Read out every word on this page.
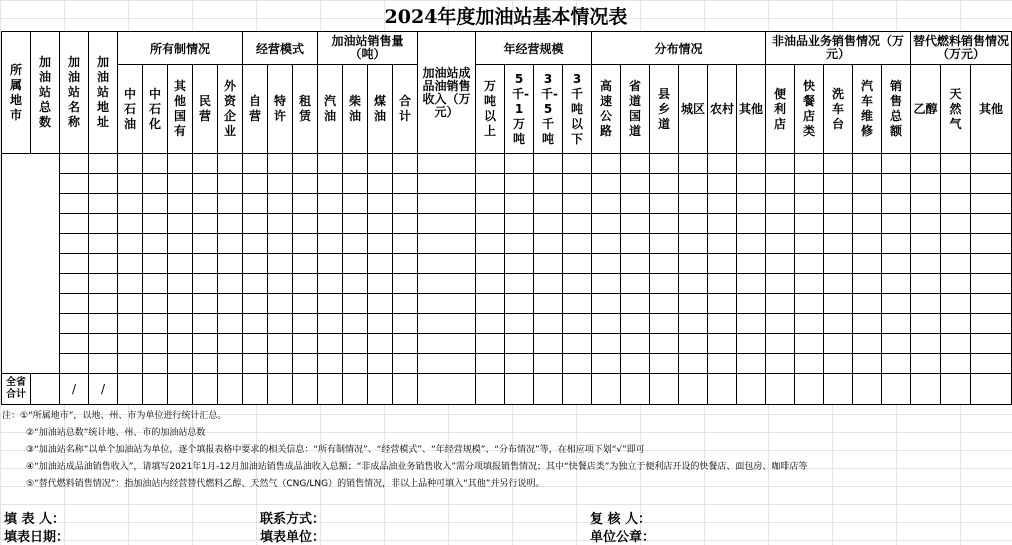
2024年度加油站基本情况表
所属地市	加油站总数	加油站名称	加油站地址	所有制情况					经营模式			加油站销售量（吨）				加油站成品油销售收入（万元）	年经营规模				分布情况						非油品业务销售情况（万元）					替代燃料销售情况（万元）		
				中石油	中石化	其他国有	民营	外资企业	自营	特许	租赁	汽油	柴油	煤油	合计		万吨以上	5千-1万吨	3千-5千吨	3千吨以下	高速公路	省道国道	县乡道	城区	农村	其他	便利店	快餐店类	洗车台	汽车维修	销售总额	乙醇	天然气	其他

全省合计		/	/																															
注：①“所属地市”，以地、州、市为单位进行统计汇总。
②“加油站总数”统计地、州、市的加油站总数
③“加油站名称”以单个加油站为单位，逐个填报表格中要求的相关信息：“所有制情况”、“经营模式”、“年经营规模”、“分布情况”等，在相应项下划“√”即可
④“加油站成品油销售收入”，请填写2021年1月-12月加油站销售成品油收入总额；“非成品油业务销售收入”需分项填报销售情况；其中“快餐店类”为独立于便利店开设的快餐店、面包房、咖啡店等
⑤“替代燃料销售情况”：指加油站内经营替代燃料乙醇、天然气（CNG/LNG）的销售情况，非以上品种可填入“其他”并另行说明。
填 表 人：	联系方式：	复 核 人：
填表日期：	填表单位：	单位公章：
